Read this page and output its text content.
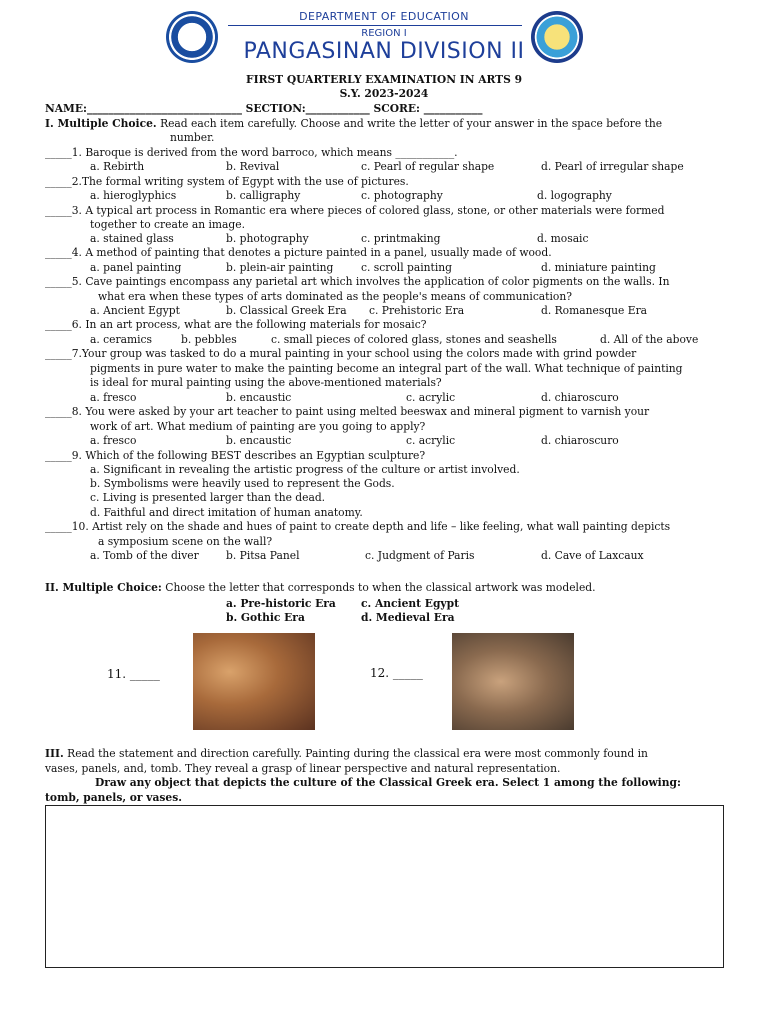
DEPARTMENT OF EDUCATION
REGION I
PANGASINAN DIVISION II
FIRST QUARTERLY EXAMINATION IN ARTS 9
S.Y. 2023-2024
NAME:_____________________________ SECTION:____________ SCORE: ___________
I. Multiple Choice. Read each item carefully. Choose and write the letter of your answer in the space before the
number.
_____1. Baroque is derived from the word barroco, which means ___________.
a. Rebirth	b. Revival	c. Pearl of regular shape	d. Pearl of irregular shape
_____2.The formal writing system of Egypt with the use of pictures.
a. hieroglyphics	b. calligraphy	c. photography	d. logography
_____3. A typical art process in Romantic era where pieces of colored glass, stone, or other materials were formed
together to create an image.
a. stained glass	b. photography	c. printmaking	d. mosaic
_____4. A method of painting that denotes a picture painted in a panel, usually made of wood.
a. panel painting	b. plein-air painting	c. scroll painting	d. miniature painting
_____5. Cave paintings encompass any parietal art which involves the application of color pigments on the walls. In
what era when these types of arts dominated as the people's means of communication?
a. Ancient Egypt	b. Classical Greek Era c. Prehistoric Era	d. Romanesque Era
_____6. In an art process, what are the following materials for mosaic?
a. ceramics	b. pebbles	c. small pieces of colored glass, stones and seashells	d. All of the above
_____7.Your group was tasked to do a mural painting in your school using the colors made with grind powder
pigments in pure water to make the painting become an integral part of the wall. What technique of painting
is ideal for mural painting using the above-mentioned materials?
a. fresco	b. encaustic	c. acrylic	d. chiaroscuro
_____8. You were asked by your art teacher to paint using melted beeswax and mineral pigment to varnish your
work of art. What medium of painting are you going to apply?
a. fresco	b. encaustic	c. acrylic	d. chiaroscuro
_____9. Which of the following BEST describes an Egyptian sculpture?
a. Significant in revealing the artistic progress of the culture or artist involved.
b. Symbolisms were heavily used to represent the Gods.
c. Living is presented larger than the dead.
d. Faithful and direct imitation of human anatomy.
_____10. Artist rely on the shade and hues of paint to create depth and life – like feeling, what wall painting depicts
a symposium scene on the wall?
a. Tomb of the diver	b. Pitsa Panel	c. Judgment of Paris	d. Cave of Laxcaux
II. Multiple Choice: Choose the letter that corresponds to when the classical artwork was modeled.
a. Pre-historic Era c. Ancient Egypt
b. Gothic Era	d. Medieval Era
11. _____	12. _____
III. Read the statement and direction carefully. Painting during the classical era were most commonly found in
vases, panels, and, tomb. They reveal a grasp of linear perspective and natural representation.
Draw any object that depicts the culture of the Classical Greek era. Select 1 among the following:
tomb, panels, or vases.
